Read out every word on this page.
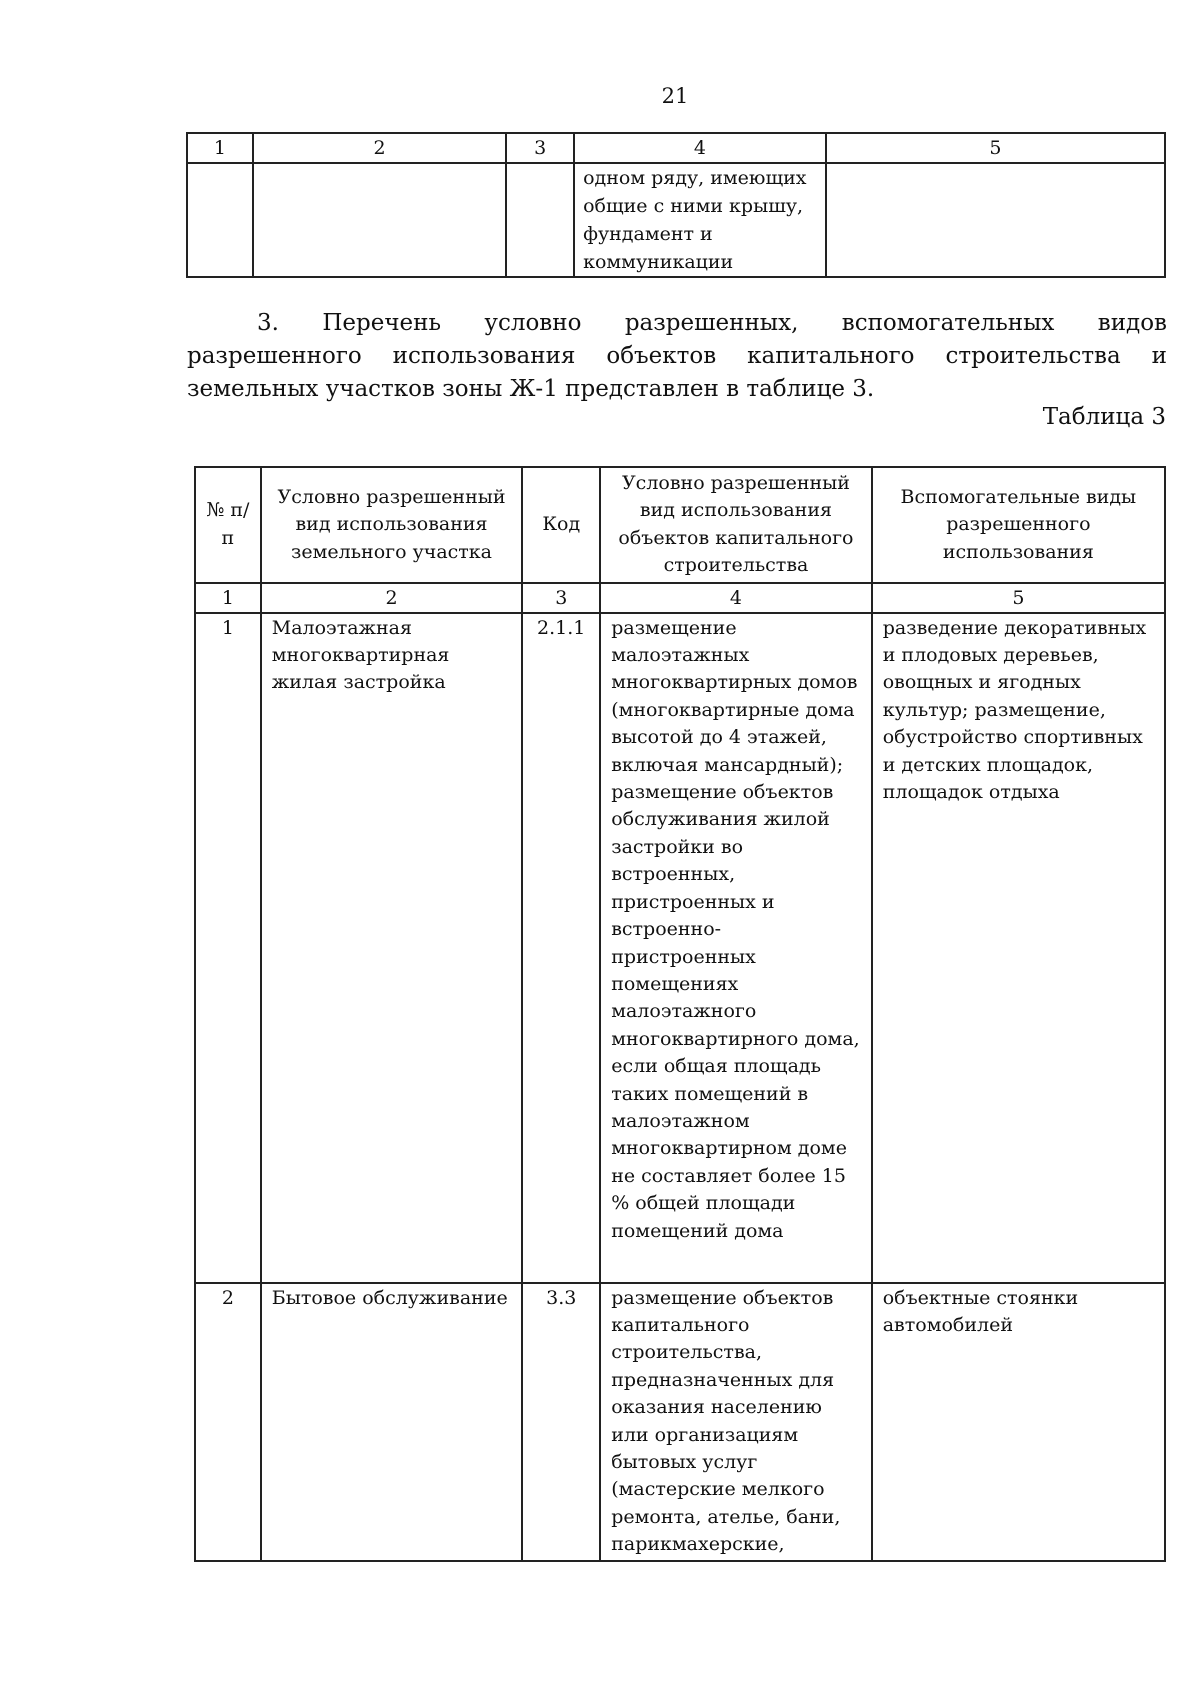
21
1	2	3	4	5
			одном ряду, имеющих общие с ними крышу, фундамент и коммуникации	

3. Перечень условно разрешенных, вспомогательных видов разрешенного использования объектов капитального строительства и земельных участков зоны Ж-1 представлен в таблице 3.

Таблица 3
№ п/п	Условно разрешенный вид использования земельного участка	Код	Условно разрешенный вид использования объектов капитального строительства	Вспомогательные виды разрешенного использования
1	2	3	4	5
1	Малоэтажная многоквартирная жилая застройка	2.1.1	размещение малоэтажных многоквартирных домов (многоквартирные дома высотой до 4 этажей, включая мансардный); размещение объектов обслуживания жилой застройки во встроенных, пристроенных и встроенно-пристроенных помещениях малоэтажного многоквартирного дома, если общая площадь таких помещений в малоэтажном многоквартирном доме не составляет более 15 % общей площади помещений дома	разведение декоративных и плодовых деревьев, овощных и ягодных культур; размещение, обустройство спортивных и детских площадок, площадок отдыха
2	Бытовое обслуживание	3.3	размещение объектов капитального строительства, предназначенных для оказания населению или организациям бытовых услуг (мастерские мелкого ремонта, ателье, бани, парикмахерские,	объектные стоянки автомобилей
